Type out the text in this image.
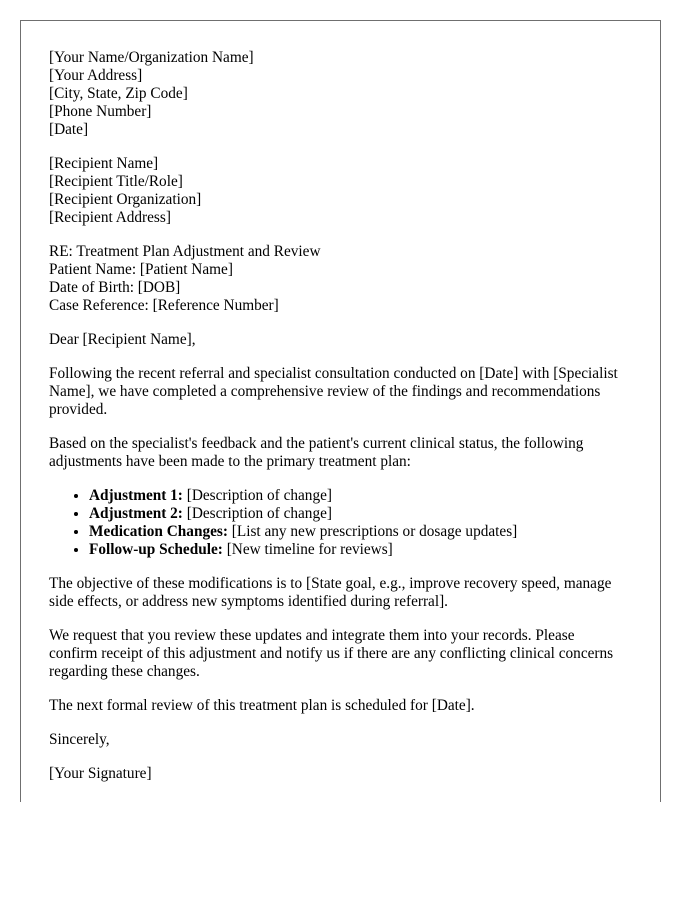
[Your Name/Organization Name]
[Your Address]
[City, State, Zip Code]
[Phone Number]
[Date]
[Recipient Name]
[Recipient Title/Role]
[Recipient Organization]
[Recipient Address]
RE: Treatment Plan Adjustment and Review
Patient Name: [Patient Name]
Date of Birth: [DOB]
Case Reference: [Reference Number]

Dear [Recipient Name],

Following the recent referral and specialist consultation conducted on [Date] with [Specialist Name], we have completed a comprehensive review of the findings and recommendations provided.

Based on the specialist's feedback and the patient's current clinical status, the following adjustments have been made to the primary treatment plan:

• Adjustment 1: [Description of change]
• Adjustment 2: [Description of change]
• Medication Changes: [List any new prescriptions or dosage updates]
• Follow-up Schedule: [New timeline for reviews]

The objective of these modifications is to [State goal, e.g., improve recovery speed, manage side effects, or address new symptoms identified during referral].

We request that you review these updates and integrate them into your records. Please confirm receipt of this adjustment and notify us if there are any conflicting clinical concerns regarding these changes.

The next formal review of this treatment plan is scheduled for [Date].

Sincerely,

[Your Signature]
